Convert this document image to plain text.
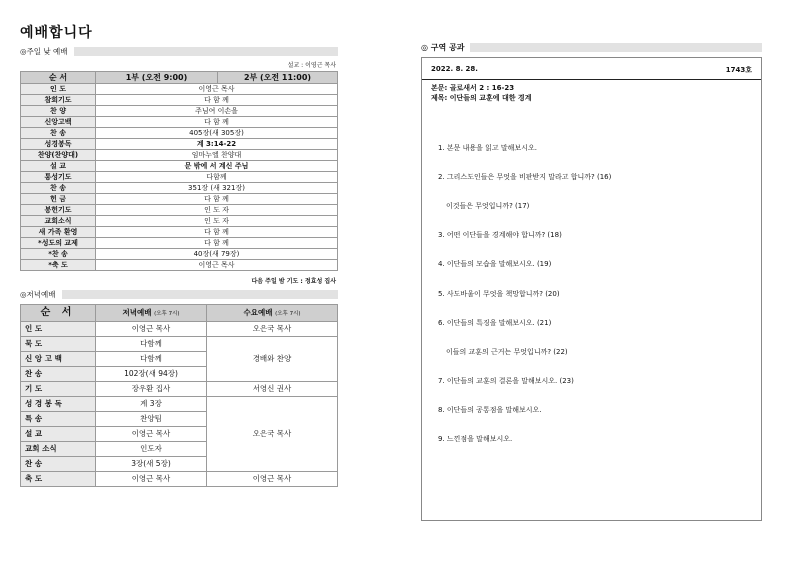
예배합니다
◎주일 낮 예배
설교 : 이영근 목사
순 서	1부 (오전 9:00)	2부 (오전 11:00)
인 도	이영근 목사	
참회기도	다 함 께	
찬 양	주님여 이손을	
신앙고백	다 함 께	
찬 송	405장(새 305장)	
성경봉독	계 3:14-22	
찬양(찬양대)	임마누엘 찬양대	
설 교	문 밖에 서 계신 주님	
통성기도	다함께	
찬 송	351장 (새 321장)	
헌 금	다 함 께	
봉헌기도	인 도 자	
교회소식	인 도 자	
새 가족 환영	다 함 께	
*성도의 교제	다 함 께	
*찬 송	40장(새 79장)	
*축 도	이영근 목사	
다음 주일 밤 기도 : 정효성 집사
◎저녁예배
순 서	저녁예배 (오후 7시)	수요예배 (오후 7시)
인 도	이영근 목사	오은국 목사
묵 도	다함께	경배와 찬양
신 앙 고 백	다함께	
찬 송	102장(새 94장)	
기 도	장우환 집사	서영신 권사
성 경 봉 독	계 3장	오은국 목사
특 송	찬양팀	
설 교	이영근 목사	
교회 소식	인도자	
찬 송	3장(새 5장)	
축 도	이영근 목사	이영근 목사
◎ 구역 공과
2022. 8. 28.	1743호
본문: 골로새서 2 : 16-23
제목: 이단들의 교훈에 대한 경계
1. 본문 내용을 읽고 말해보시오.
2. 그리스도인들은 무엇을 비판받지 말라고 합니까? (16)
이것들은 무엇입니까? (17)
3. 어떤 이단들을 경계해야 합니까? (18)
4. 이단들의 모습을 말해보시오. (19)
5. 사도바울이 무엇을 책망합니까? (20)
6. 이단들의 특징을 말해보시오. (21)
이들의 교훈의 근거는 무엇입니까? (22)
7. 이단들의 교훈의 결론을 말해보시오. (23)
8. 이단들의 공통점을 말해보시오.
9. 느낀점을 말해보시오.
